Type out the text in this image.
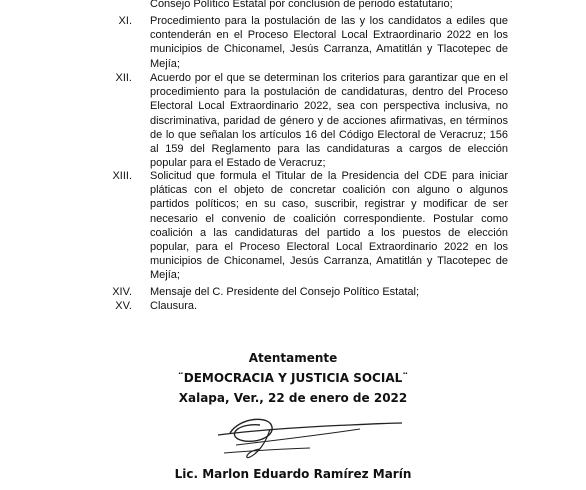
Consejo Político Estatal por conclusión de periodo estatutario;
XI. Procedimiento para la postulación de las y los candidatos a ediles que contenderán en el Proceso Electoral Local Extraordinario 2022 en los municipios de Chiconamel, Jesús Carranza, Amatitlán y Tlacotepec de Mejía;
XII. Acuerdo por el que se determinan los criterios para garantizar que en el procedimiento para la postulación de candidaturas, dentro del Proceso Electoral Local Extraordinario 2022, sea con perspectiva inclusiva, no discriminativa, paridad de género y de acciones afirmativas, en términos de lo que señalan los artículos 16 del Código Electoral de Veracruz; 156 al 159 del Reglamento para las candidaturas a cargos de elección popular para el Estado de Veracruz;
XIII. Solicitud que formula el Titular de la Presidencia del CDE para iniciar pláticas con el objeto de concretar coalición con alguno o algunos partidos políticos; en su caso, suscribir, registrar y modificar de ser necesario el convenio de coalición correspondiente. Postular como coalición a las candidaturas del partido a los puestos de elección popular, para el Proceso Electoral Local Extraordinario 2022 en los municipios de Chiconamel, Jesús Carranza, Amatitlán y Tlacotepec de Mejía;
XIV. Mensaje del C. Presidente del Consejo Político Estatal;
XV. Clausura.
Atentamente
¨DEMOCRACIA Y JUSTICIA SOCIAL¨
Xalapa, Ver., 22 de enero de 2022
Lic. Marlon Eduardo Ramírez Marín
